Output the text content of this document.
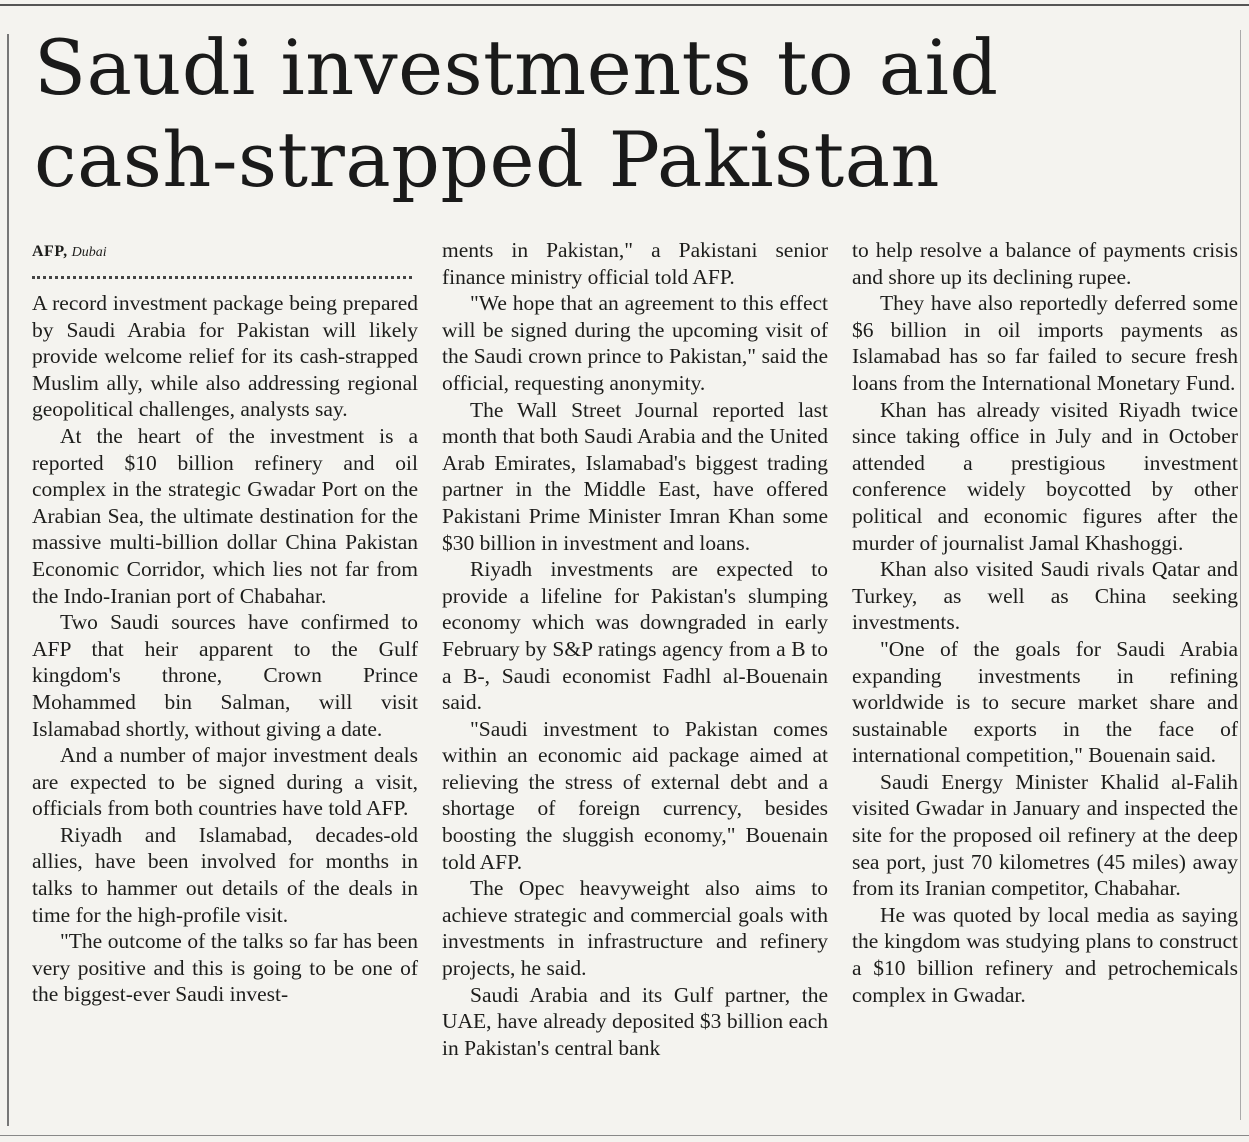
Saudi investments to aid
cash-strapped Pakistan
AFP, Dubai

A record investment package being prepared by Saudi Arabia for Pakistan will likely provide welcome relief for its cash-strapped Muslim ally, while also addressing regional geopolitical challenges, analysts say.

At the heart of the investment is a reported $10 billion refinery and oil complex in the strategic Gwadar Port on the Arabian Sea, the ultimate destination for the massive multi-billion dollar China Pakistan Economic Corridor, which lies not far from the Indo-Iranian port of Chabahar.

Two Saudi sources have confirmed to AFP that heir apparent to the Gulf kingdom's throne, Crown Prince Mohammed bin Salman, will visit Islamabad shortly, without giving a date.

And a number of major investment deals are expected to be signed during a visit, officials from both countries have told AFP.

Riyadh and Islamabad, decades-old allies, have been involved for months in talks to hammer out details of the deals in time for the high-profile visit.

"The outcome of the talks so far has been very positive and this is going to be one of the biggest-ever Saudi invest-

ments in Pakistan," a Pakistani senior finance ministry official told AFP.

"We hope that an agreement to this effect will be signed during the upcoming visit of the Saudi crown prince to Pakistan," said the official, requesting anonymity.

The Wall Street Journal reported last month that both Saudi Arabia and the United Arab Emirates, Islamabad's biggest trading partner in the Middle East, have offered Pakistani Prime Minister Imran Khan some $30 billion in investment and loans.

Riyadh investments are expected to provide a lifeline for Pakistan's slumping economy which was downgraded in early February by S&P ratings agency from a B to a B-, Saudi economist Fadhl al-Bouenain said.

"Saudi investment to Pakistan comes within an economic aid package aimed at relieving the stress of external debt and a shortage of foreign currency, besides boosting the sluggish economy," Bouenain told AFP.

The Opec heavyweight also aims to achieve strategic and commercial goals with investments in infrastructure and refinery projects, he said.

Saudi Arabia and its Gulf partner, the UAE, have already deposited $3 billion each in Pakistan's central bank

to help resolve a balance of payments crisis and shore up its declining rupee.

They have also reportedly deferred some $6 billion in oil imports payments as Islamabad has so far failed to secure fresh loans from the International Monetary Fund.

Khan has already visited Riyadh twice since taking office in July and in October attended a prestigious investment conference widely boycotted by other political and economic figures after the murder of journalist Jamal Khashoggi.

Khan also visited Saudi rivals Qatar and Turkey, as well as China seeking investments.

"One of the goals for Saudi Arabia expanding investments in refining worldwide is to secure market share and sustainable exports in the face of international competition," Bouenain said.

Saudi Energy Minister Khalid al-Falih visited Gwadar in January and inspected the site for the proposed oil refinery at the deep sea port, just 70 kilometres (45 miles) away from its Iranian competitor, Chabahar.

He was quoted by local media as saying the kingdom was studying plans to construct a $10 billion refinery and petrochemicals complex in Gwadar.
